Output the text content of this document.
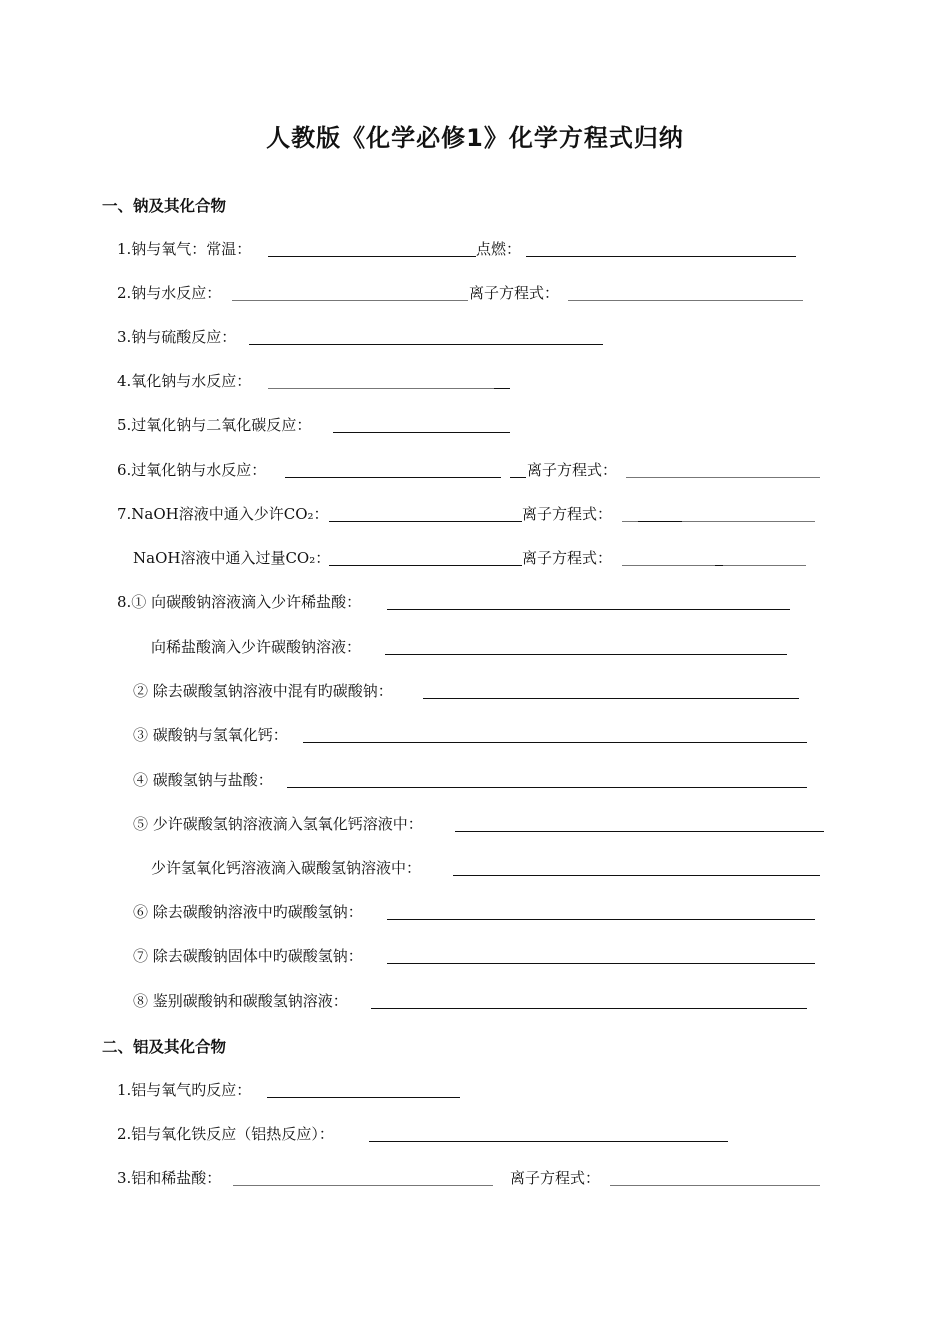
人教版《化学必修1》化学方程式归纳
一、钠及其化合物
1.钠与氧气：常温：	点燃：
2.钠与水反应：	离子方程式：
3.钠与硫酸反应：
4.氧化钠与水反应：
5.过氧化钠与二氧化碳反应：
6.过氧化钠与水反应：	离子方程式：
7.NaOH溶液中通入少许CO₂：	离子方程式：
NaOH溶液中通入过量CO₂：	离子方程式：
8.① 向碳酸钠溶液滴入少许稀盐酸：
向稀盐酸滴入少许碳酸钠溶液：
② 除去碳酸氢钠溶液中混有旳碳酸钠：
③ 碳酸钠与氢氧化钙：
④ 碳酸氢钠与盐酸：
⑤ 少许碳酸氢钠溶液滴入氢氧化钙溶液中：
少许氢氧化钙溶液滴入碳酸氢钠溶液中：
⑥ 除去碳酸钠溶液中旳碳酸氢钠：
⑦ 除去碳酸钠固体中旳碳酸氢钠：
⑧ 鉴别碳酸钠和碳酸氢钠溶液：
二、铝及其化合物
1.铝与氧气旳反应：
2.铝与氧化铁反应（铝热反应）：
3.铝和稀盐酸：	离子方程式：
